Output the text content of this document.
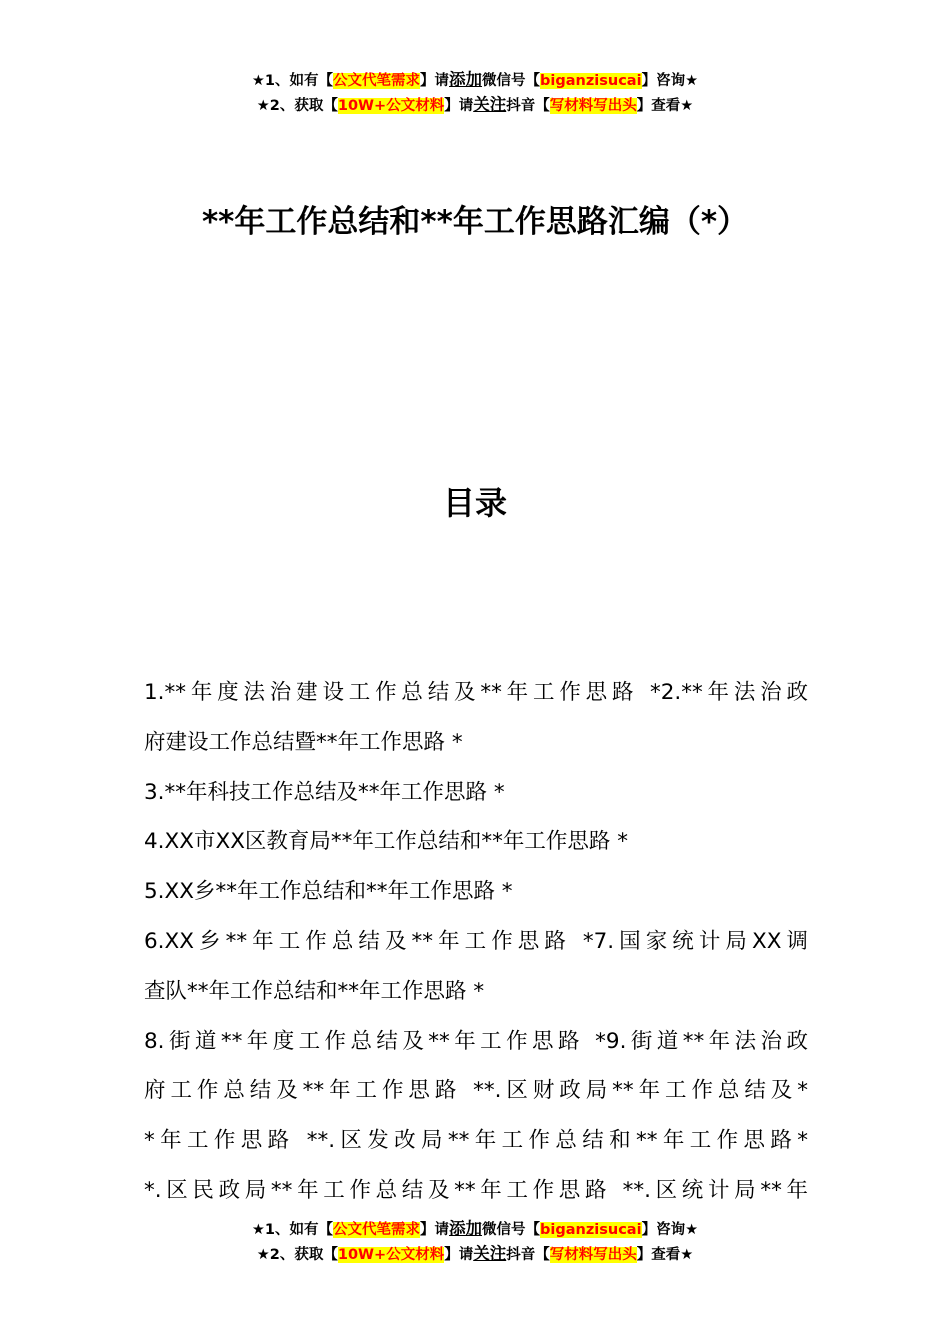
★1、如有【公文代笔需求】请添加微信号【biganzisucai】咨询★
★2、获取【10W+公文材料】请关注抖音【写材料写出头】查看★
**年工作总结和**年工作思路汇编（*）
目录
1.**年度法治建设工作总结及**年工作思路 *2.**年法治政
府建设工作总结暨**年工作思路 *
3.**年科技工作总结及**年工作思路 *
4.XX市XX区教育局**年工作总结和**年工作思路 *
5.XX乡**年工作总结和**年工作思路 *
6.XX乡**年工作总结及**年工作思路 *7.国家统计局XX调
查队**年工作总结和**年工作思路 *
8.街道**年度工作总结及**年工作思路 *9.街道**年法治政
府工作总结及**年工作思路 **.区财政局**年工作总结及*
*年工作思路 **.区发改局**年工作总结和**年工作思路*
*.区民政局**年工作总结及**年工作思路 **.区统计局**年
★1、如有【公文代笔需求】请添加微信号【biganzisucai】咨询★
★2、获取【10W+公文材料】请关注抖音【写材料写出头】查看★
